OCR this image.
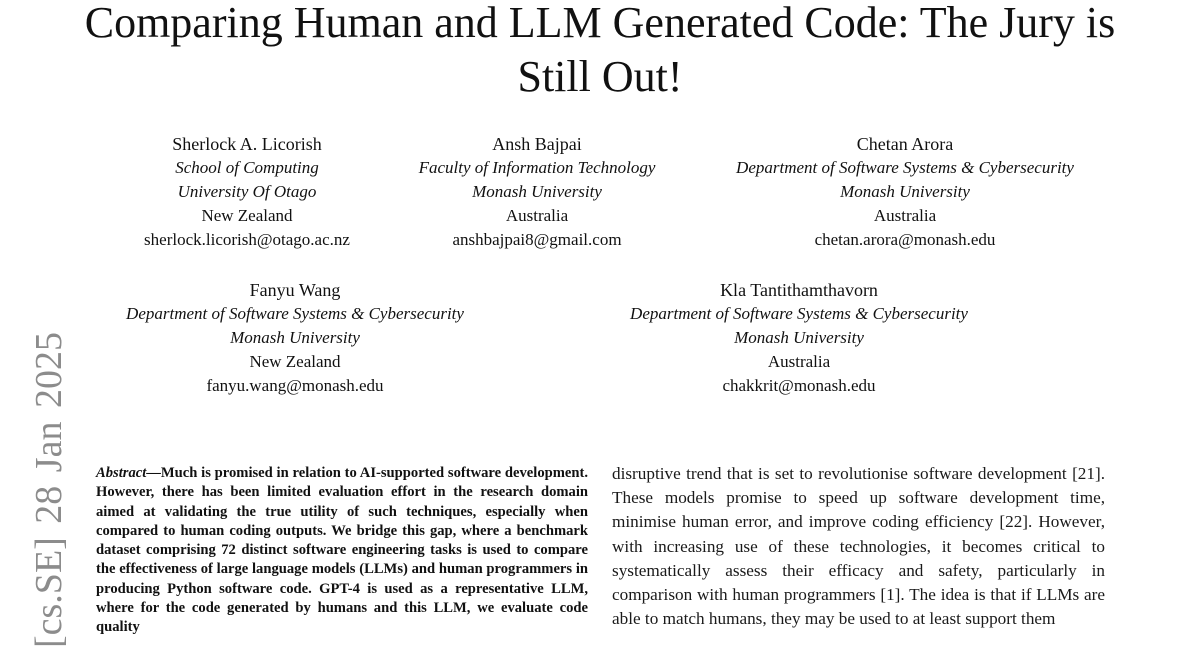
Comparing Human and LLM Generated Code: The Jury is Still Out!
Sherlock A. Licorish
School of Computing
University Of Otago
New Zealand
sherlock.licorish@otago.ac.nz
Ansh Bajpai
Faculty of Information Technology
Monash University
Australia
anshbajpai8@gmail.com
Chetan Arora
Department of Software Systems & Cybersecurity
Monash University
Australia
chetan.arora@monash.edu
Fanyu Wang
Department of Software Systems & Cybersecurity
Monash University
New Zealand
fanyu.wang@monash.edu
Kla Tantithamthavorn
Department of Software Systems & Cybersecurity
Monash University
Australia
chakkrit@monash.edu
[cs.SE] 28 Jan 2025 Abstract—Much is promised in relation to AI-supported software development. However, there has been limited evaluation effort in the research domain aimed at validating the true utility of such techniques, especially when compared to human coding outputs. We bridge this gap, where a benchmark dataset comprising 72 distinct software engineering tasks is used to compare the effectiveness of large language models (LLMs) and human programmers in producing Python software code. GPT-4 is used as a representative LLM, where for the code generated by humans and this LLM, we evaluate code quality
disruptive trend that is set to revolutionise software development [21]. These models promise to speed up software development time, minimise human error, and improve coding efficiency [22]. However, with increasing use of these technologies, it becomes critical to systematically assess their efficacy and safety, particularly in comparison with human programmers [1]. The idea is that if LLMs are able to match humans, they may be used to at least support them
